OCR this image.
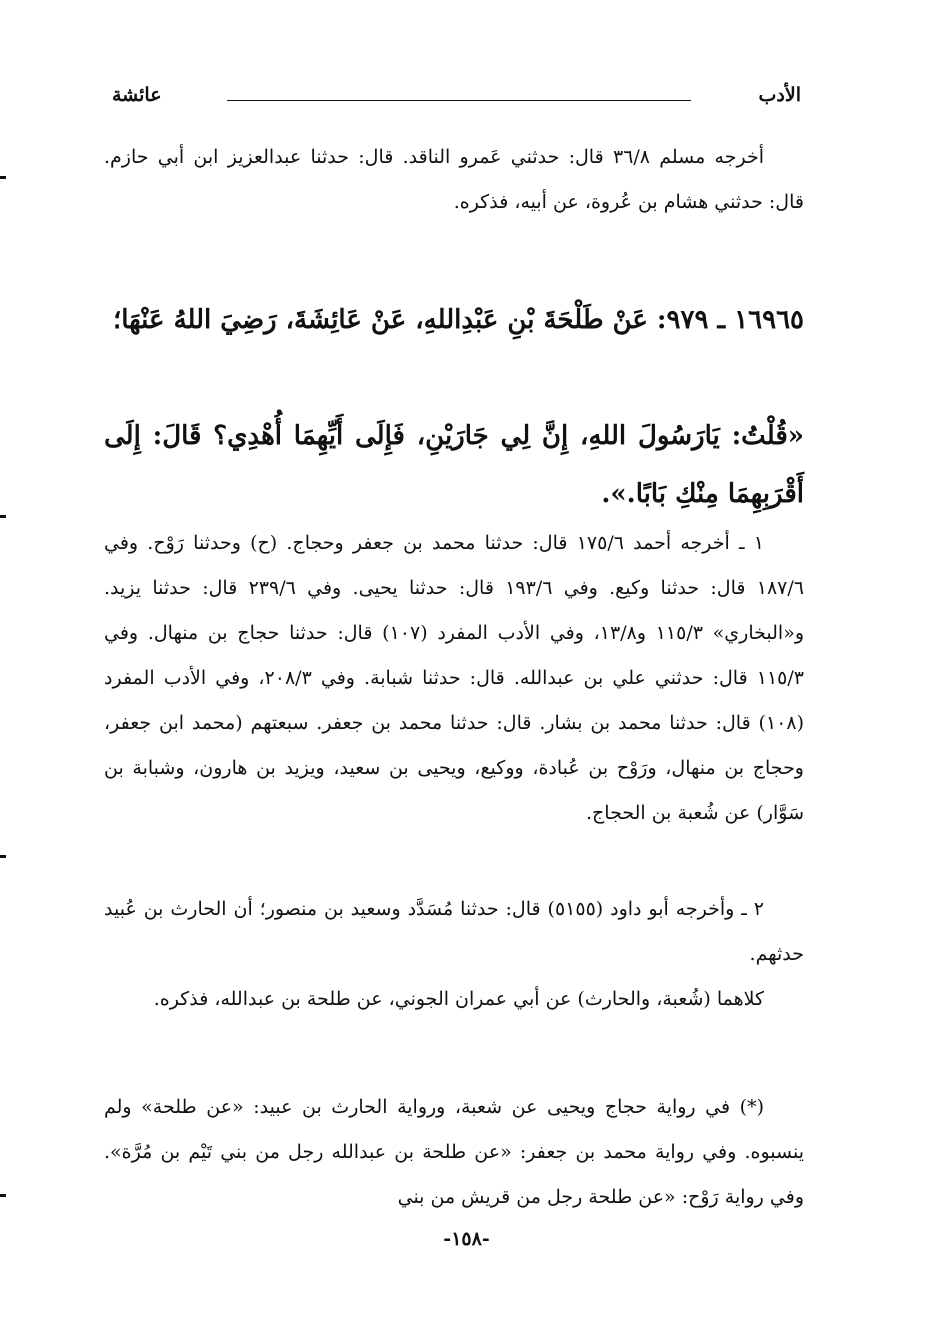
الأدب
عائشة
أخرجه مسلم ٣٦/٨ قال: حدثني عَمرو الناقد. قال: حدثنا عبدالعزيز ابن أبي حازم. قال: حدثني هشام بن عُروة، عن أبيه، فذكره.
١٦٩٦٥ ـ ٩٧٩: عَنْ طَلْحَةَ بْنِ عَبْدِاللهِ، عَنْ عَائِشَةَ، رَضِيَ اللهُ عَنْهَا؛
«قُلْتُ: يَارَسُولَ اللهِ، إِنَّ لِي جَارَيْنِ، فَإِلَى أَيِّهِمَا أُهْدِي؟ قَالَ: إِلَى أَقْرَبِهِمَا مِنْكِ بَابًا.».
١ ـ أخرجه أحمد ١٧٥/٦ قال: حدثنا محمد بن جعفر وحجاج. (ح) وحدثنا رَوْح. وفي ١٨٧/٦ قال: حدثنا وكيع. وفي ١٩٣/٦ قال: حدثنا يحيى. وفي ٢٣٩/٦ قال: حدثنا يزيد. و«البخاري» ١١٥/٣ و١٣/٨، وفي الأدب المفرد (١٠٧) قال: حدثنا حجاج بن منهال. وفي ١١٥/٣ قال: حدثني علي بن عبدالله. قال: حدثنا شبابة. وفي ٢٠٨/٣، وفي الأدب المفرد (١٠٨) قال: حدثنا محمد بن بشار. قال: حدثنا محمد بن جعفر. سبعتهم (محمد ابن جعفر، وحجاج بن منهال، ورَوْح بن عُبادة، ووكيع، ويحيى بن سعيد، ويزيد بن هارون، وشبابة بن سَوَّار) عن شُعبة بن الحجاج.
٢ ـ وأخرجه أبو داود (٥١٥٥) قال: حدثنا مُسَدَّد وسعيد بن منصور؛ أن الحارث بن عُبيد حدثهم.
كلاهما (شُعبة، والحارث) عن أبي عمران الجوني، عن طلحة بن عبدالله، فذكره.
(*) في رواية حجاج ويحيى عن شعبة، ورواية الحارث بن عبيد: «عن طلحة» ولم ينسبوه. وفي رواية محمد بن جعفر: «عن طلحة بن عبدالله رجل من بني تَيْم بن مُرَّة». وفي رواية رَوْح: «عن طلحة رجل من قريش من بني
-١٥٨-
